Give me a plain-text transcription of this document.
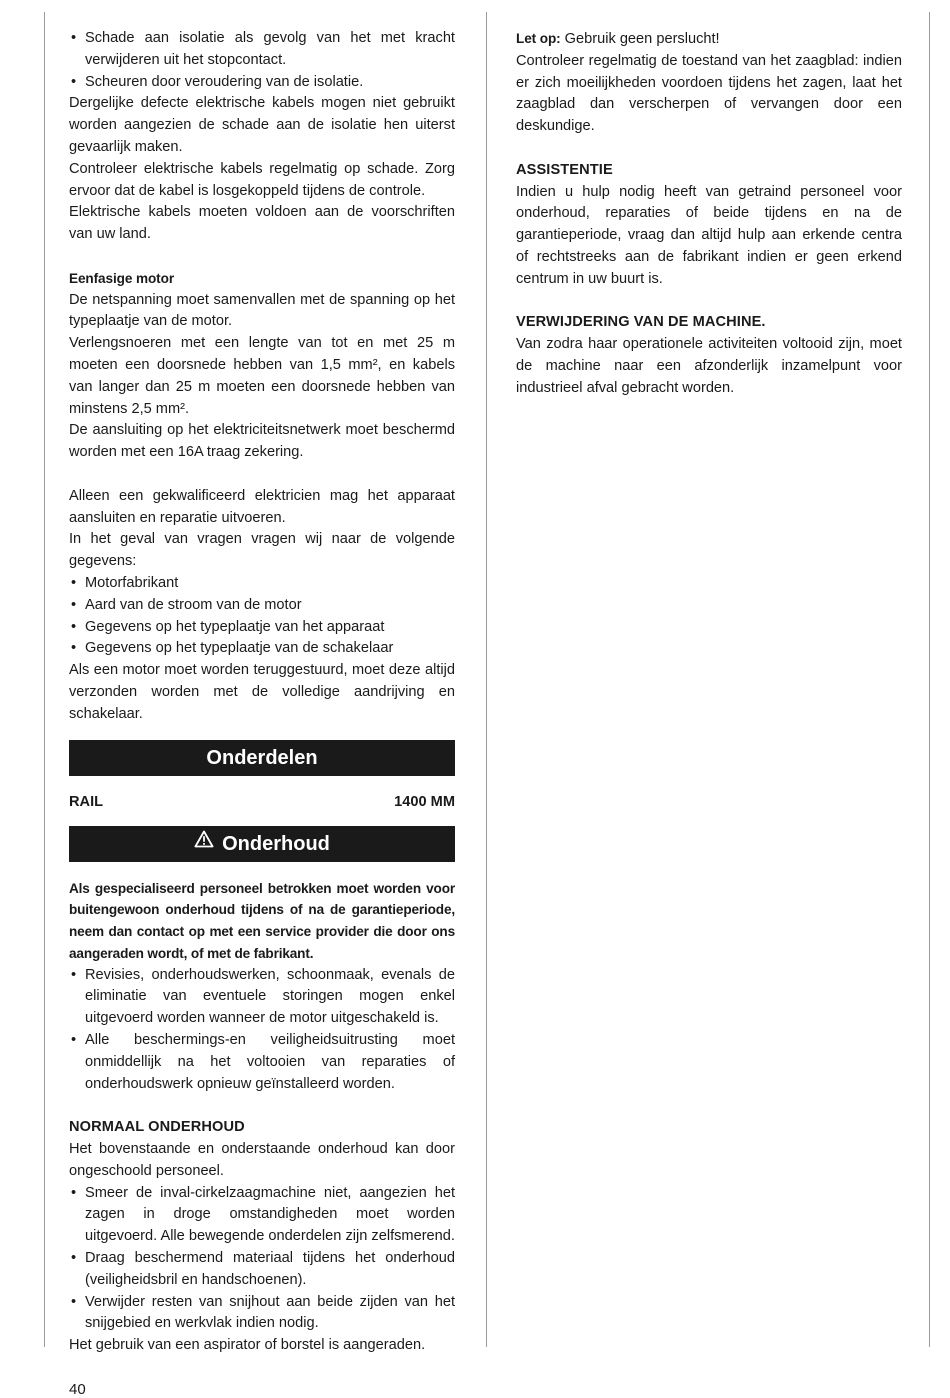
• Schade aan isolatie als gevolg van het met kracht verwijderen uit het stopcontact.
• Scheuren door veroudering van de isolatie.

Dergelijke defecte elektrische kabels mogen niet gebruikt worden aangezien de schade aan de isolatie hen uiterst gevaarlijk maken.

Controleer elektrische kabels regelmatig op schade. Zorg ervoor dat de kabel is losgekoppeld tijdens de controle.

Elektrische kabels moeten voldoen aan de voorschriften van uw land.

Eenfasige motor

De netspanning moet samenvallen met de spanning op het typeplaatje van de motor.

Verlengsnoeren met een lengte van tot en met 25 m moeten een doorsnede hebben van 1,5 mm², en kabels van langer dan 25 m moeten een doorsnede hebben van minstens 2,5 mm².

De aansluiting op het elektriciteitsnetwerk moet beschermd worden met een 16A traag zekering.

Alleen een gekwalificeerd elektricien mag het apparaat aansluiten en reparatie uitvoeren.

In het geval van vragen vragen wij naar de volgende gegevens:

• Motorfabrikant
• Aard van de stroom van de motor
• Gegevens op het typeplaatje van het apparaat
• Gegevens op het typeplaatje van de schakelaar

Als een motor moet worden teruggestuurd, moet deze altijd verzonden worden met de volledige aandrijving en schakelaar.

Onderdelen
RAIL	1400 MM
Onderhoud

Als gespecialiseerd personeel betrokken moet worden voor buitengewoon onderhoud tijdens of na de garantieperiode, neem dan contact op met een service provider die door ons aangeraden wordt, of met de fabrikant.

• Revisies, onderhoudswerken, schoonmaak, evenals de eliminatie van eventuele storingen mogen enkel uitgevoerd worden wanneer de motor uitgeschakeld is.
• Alle beschermings-en veiligheidsuitrusting moet onmiddellijk na het voltooien van reparaties of onderhoudswerk opnieuw geïnstalleerd worden.

NORMAAL ONDERHOUD

Het bovenstaande en onderstaande onderhoud kan door ongeschoold personeel.

• Smeer de inval-cirkelzaagmachine niet, aangezien het zagen in droge omstandigheden moet worden uitgevoerd. Alle bewegende onderdelen zijn zelfsmerend.
• Draag beschermend materiaal tijdens het onderhoud (veiligheidsbril en handschoenen).
• Verwijder resten van snijhout aan beide zijden van het snijgebied en werkvlak indien nodig.

Het gebruik van een aspirator of borstel is aangeraden.

Let op: Gebruik geen perslucht!

Controleer regelmatig de toestand van het zaagblad: indien er zich moeilijkheden voordoen tijdens het zagen, laat het zaagblad dan verscherpen of vervangen door een deskundige.

ASSISTENTIE

Indien u hulp nodig heeft van getraind personeel voor onderhoud, reparaties of beide tijdens en na de garantieperiode, vraag dan altijd hulp aan erkende centra of rechtstreeks aan de fabrikant indien er geen erkend centrum in uw buurt is.

VERWIJDERING VAN DE MACHINE.

Van zodra haar operationele activiteiten voltooid zijn, moet de machine naar een afzonderlijk inzamelpunt voor industrieel afval gebracht worden.

40
